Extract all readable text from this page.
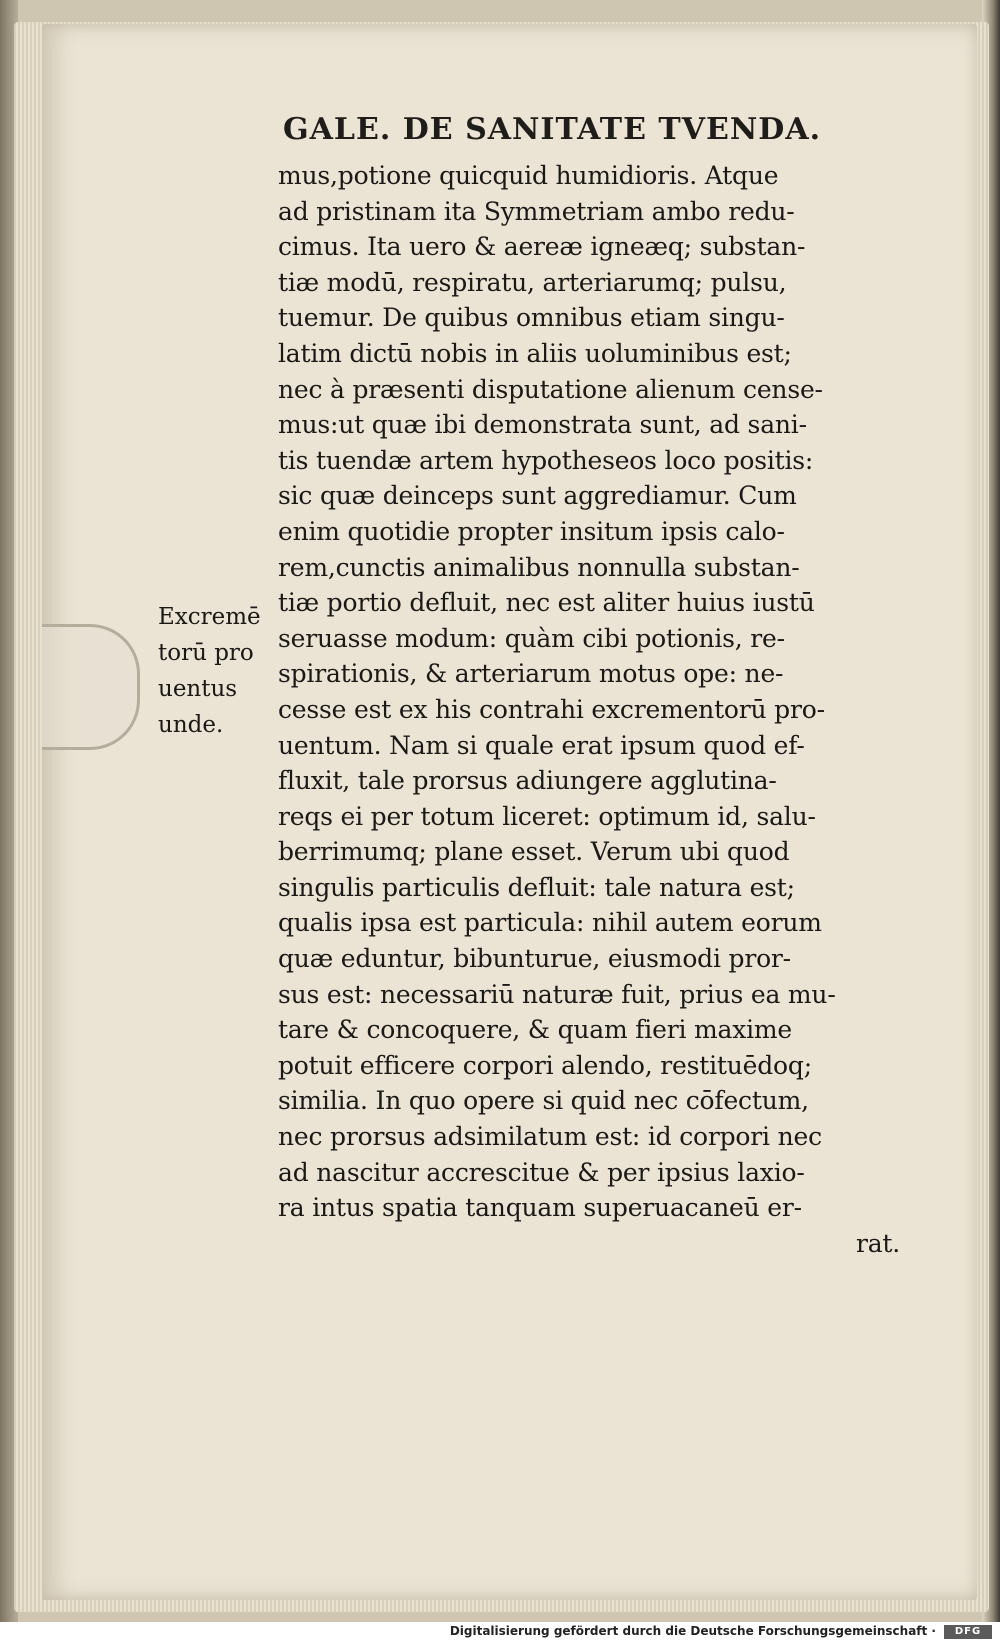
GALE. DE SANITATE TVENDA.
mus,potione quicquid humidioris. Atque
ad pristinam ita Symmetriam ambo redu-
cimus. Ita uero & aereæ igneæq; substan-
tiæ modū, respiratu, arteriarumq; pulsu,
tuemur. De quibus omnibus etiam singu-
latim dictū nobis in aliis uoluminibus est;
nec à præsenti disputatione alienum cense-
mus:ut quæ ibi demonstrata sunt, ad sani-
tis tuendæ artem hypotheseos loco positis:
sic quæ deinceps sunt aggrediamur. Cum
enim quotidie propter insitum ipsis calo-
rem,cunctis animalibus nonnulla substan-
tiæ portio defluit, nec est aliter huius iustū
seruasse modum: quàm cibi potionis, re-
spirationis, & arteriarum motus ope: ne-
cesse est ex his contrahi excrementorū pro-
uentum. Nam si quale erat ipsum quod ef-
fluxit, tale prorsus adiungere agglutina-
reqs ei per totum liceret: optimum id, salu-
berrimumq; plane esset. Verum ubi quod
singulis particulis defluit: tale natura est;
qualis ipsa est particula: nihil autem eorum
quæ eduntur, bibunturue, eiusmodi pror-
sus est: necessariū naturæ fuit, prius ea mu-
tare & concoquere, & quam fieri maxime
potuit efficere corpori alendo, restituēdoq;
similia. In quo opere si quid nec cōfectum,
nec prorsus adsimilatum est: id corpori nec
ad nascitur accrescitue & per ipsius laxio-
ra intus spatia tanquam superuacaneū er-
rat.
Excremē
torū pro
uentus
unde.
Digitalisierung gefördert durch die Deutsche Forschungsgemeinschaft ·	DFG
